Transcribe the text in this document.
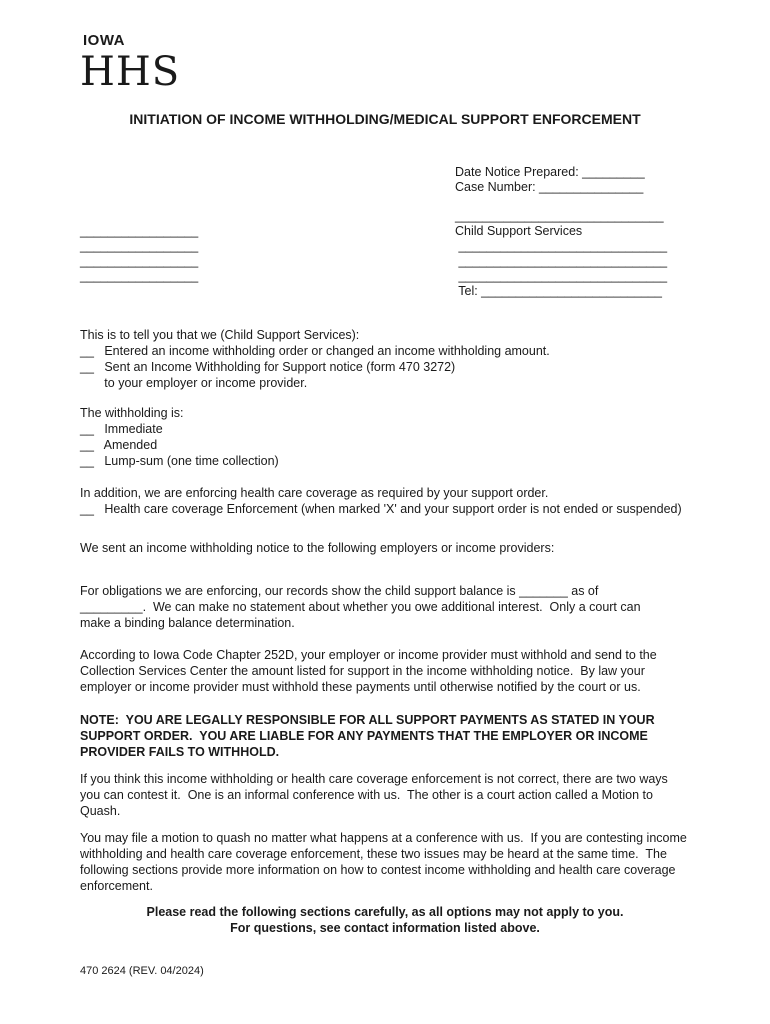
IOWA
HHS
INITIATION OF INCOME WITHHOLDING/MEDICAL SUPPORT ENFORCEMENT
Date Notice Prepared: _________
Case Number: _______________
______________________________
Child Support Services
______________________________
______________________________
______________________________
Tel: __________________________
_________________
_________________
_________________
_________________
This is to tell you that we (Child Support Services):
__   Entered an income withholding order or changed an income withholding amount.
__   Sent an Income Withholding for Support notice (form 470 3272)
to your employer or income provider.
The withholding is:
__   Immediate
__   Amended
__   Lump-sum (one time collection)
In addition, we are enforcing health care coverage as required by your support order.
__   Health care coverage Enforcement (when marked 'X' and your support order is not ended or suspended)
We sent an income withholding notice to the following employers or income providers:
For obligations we are enforcing, our records show the child support balance is _______ as of
_________.  We can make no statement about whether you owe additional interest.  Only a court can
make a binding balance determination.
According to Iowa Code Chapter 252D, your employer or income provider must withhold and send to the
Collection Services Center the amount listed for support in the income withholding notice.  By law your
employer or income provider must withhold these payments until otherwise notified by the court or us.
NOTE:  YOU ARE LEGALLY RESPONSIBLE FOR ALL SUPPORT PAYMENTS AS STATED IN YOUR
SUPPORT ORDER.  YOU ARE LIABLE FOR ANY PAYMENTS THAT THE EMPLOYER OR INCOME
PROVIDER FAILS TO WITHHOLD.
If you think this income withholding or health care coverage enforcement is not correct, there are two ways
you can contest it.  One is an informal conference with us.  The other is a court action called a Motion to
Quash.
You may file a motion to quash no matter what happens at a conference with us.  If you are contesting income
withholding and health care coverage enforcement, these two issues may be heard at the same time.  The
following sections provide more information on how to contest income withholding and health care coverage
enforcement.
Please read the following sections carefully, as all options may not apply to you.
For questions, see contact information listed above.
470 2624 (REV. 04/2024)
